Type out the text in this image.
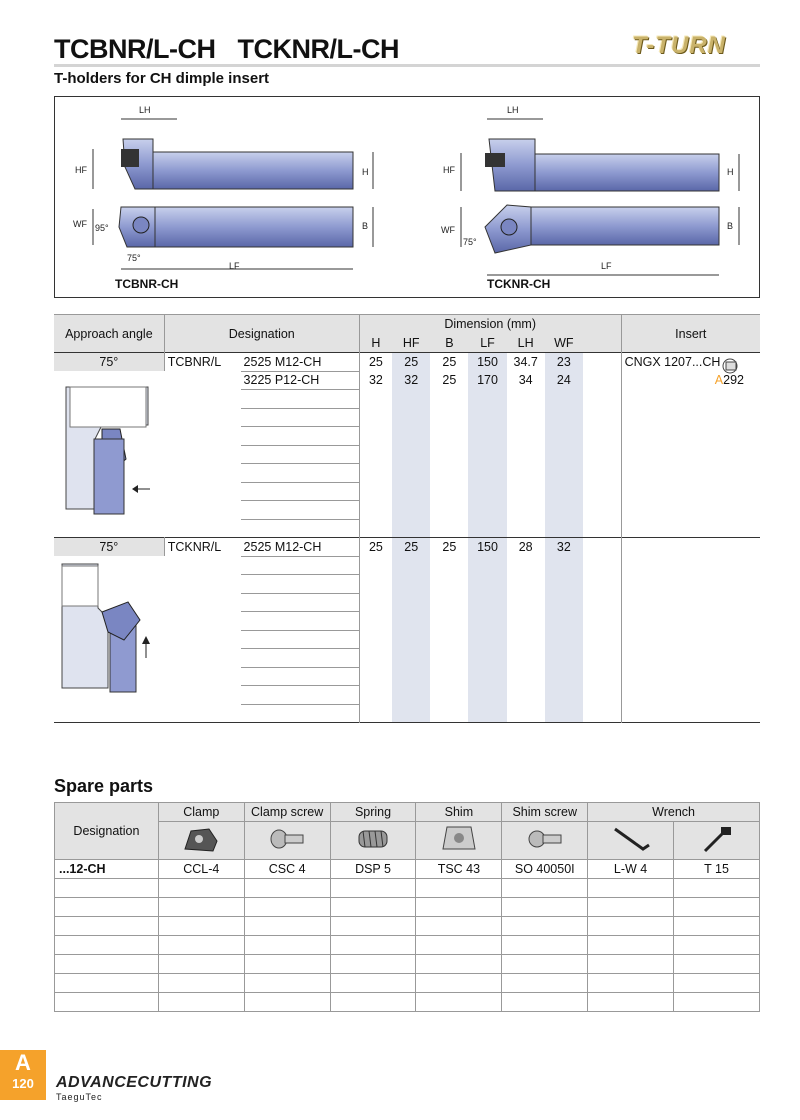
TCBNR/L-CH TCKNR/L-CH	T-TURN
T-holders for CH dimple insert
LH
HF	H
WF 95°
75°
B
LF
TCBNR-CH
LH
HF	H
WF
75°
B
LF
TCKNR-CH
Approach angle	Designation		Dimension (mm)							Insert
			H	HF	B	LF	LH	WF		
75°	TCBNR/L	2525 M12-CH	25	25	25	150	34.7	23		CNGX 1207...CH
		3225 P12-CH	32	32	25	170	34	24		A292

75°	TCKNR/L	2525 M12-CH	25	25	25	150	28	32		

Spare parts
Designation	Clamp	Clamp screw	Spring	Shim	Shim screw	Wrench	

...12-CH	CCL-4	CSC 4	DSP 5	TSC 43	SO 40050I	L-W 4	T 15

A
120	ADVANCECUTTING
TaeguTec
